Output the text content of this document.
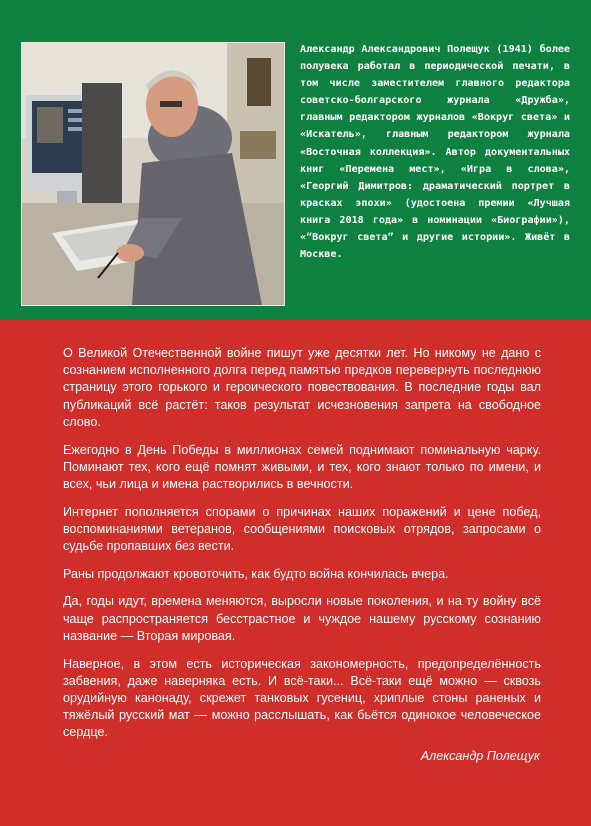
Александр Александрович Полещук (1941) более полувека работал в периодической печати, в том числе заместителем главного редактора советско-болгарского журнала «Дружба», главным редактором журналов «Вокруг света» и «Искатель», главным редактором журнала «Восточная коллекция». Автор документальных книг «Перемена мест», «Игра в слова», «Георгий Димитров: драматический портрет в красках эпохи» (удостоена премии «Лучшая книга 2018 года» в номинации «Биографии»), «“Вокруг света” и другие истории». Живёт в Москве.

О Великой Отечественной войне пишут уже десятки лет. Но никому не дано с сознанием исполненного долга перед памятью предков перевернуть последнюю страницу этого горького и героического повествования. В последние годы вал публикаций всё растёт: таков результат исчезновения запрета на свободное слово.

Ежегодно в День Победы в миллионах семей поднимают поминальную чарку. Поминают тех, кого ещё помнят живыми, и тех, кого знают только по имени, и всех, чьи лица и имена растворились в вечности.

Интернет пополняется спорами о причинах наших поражений и цене побед, воспоминаниями ветеранов, сообщениями поисковых отрядов, запросами о судьбе пропавших без вести.

Раны продолжают кровоточить, как будто война кончилась вчера.

Да, годы идут, времена меняются, выросли новые поколения, и на ту войну всё чаще распространяется бесстрастное и чуждое нашему русскому сознанию название — Вторая мировая.

Наверное, в этом есть историческая закономерность, предопределённость забвения, даже наверняка есть. И всё-таки... Всё-таки ещё можно — сквозь орудийную канонаду, скрежет танковых гусениц, хриплые стоны раненых и тяжёлый русский мат — можно расслышать, как бьётся одинокое человеческое сердце.

Александр Полещук
